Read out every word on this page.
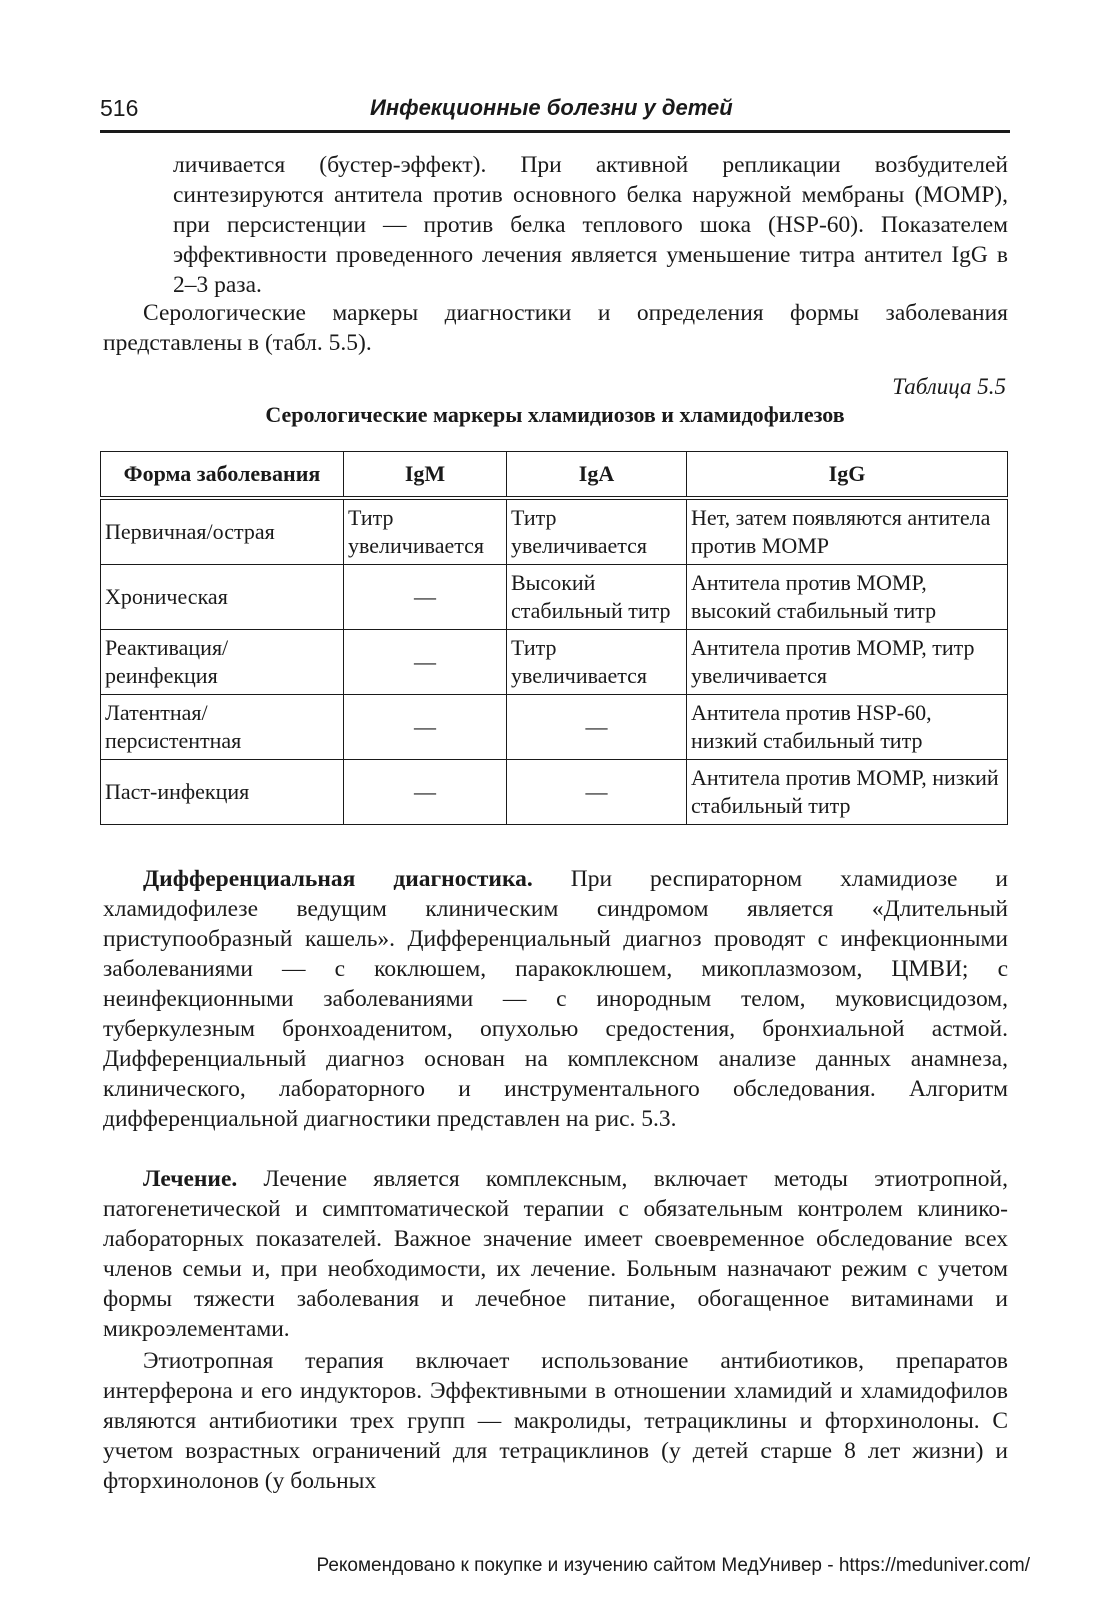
516	Инфекционные болезни у детей

личивается (бустер-эффект). При активной репликации возбудителей синтезируются антитела против основного белка наружной мембраны (MOMP), при персистенции — против белка теплового шока (HSP-60). Показателем эффективности проведенного лечения является уменьшение титра антител IgG в 2–3 раза.

Серологические маркеры диагностики и определения формы заболевания представлены в (табл. 5.5).

Таблица 5.5
Серологические маркеры хламидиозов и хламидофилезов
Форма заболевания	IgM	IgA	IgG
Первичная/острая	Титр увеличивается	Титр увеличивается	Нет, затем появляются антитела против MOMP
Хроническая	—	Высокий стабильный титр	Антитела против MOMP, высокий стабильный титр
Реактивация/ реинфекция	—	Титр увеличивается	Антитела против MOMP, титр увеличивается
Латентная/ персистентная	—	—	Антитела против HSP-60, низкий стабильный титр
Паст-инфекция	—	—	Антитела против MOMP, низкий стабильный титр

Дифференциальная диагностика. При респираторном хламидиозе и хламидофилезе ведущим клиническим синдромом является «Длительный приступообразный кашель». Дифференциальный диагноз проводят с инфекционными заболеваниями — с коклюшем, паракоклюшем, микоплазмозом, ЦМВИ; с неинфекционными заболеваниями — с инородным телом, муковисцидозом, туберкулезным бронхоаденитом, опухолью средостения, бронхиальной астмой. Дифференциальный диагноз основан на комплексном анализе данных анамнеза, клинического, лабораторного и инструментального обследования. Алгоритм дифференциальной диагностики представлен на рис. 5.3.

Лечение. Лечение является комплексным, включает методы этиотропной, патогенетической и симптоматической терапии с обязательным контролем клинико-лабораторных показателей. Важное значение имеет своевременное обследование всех членов семьи и, при необходимости, их лечение. Больным назначают режим с учетом формы тяжести заболевания и лечебное питание, обогащенное витаминами и микроэлементами.

Этиотропная терапия включает использование антибиотиков, препаратов интерферона и его индукторов. Эффективными в отношении хламидий и хламидофилов являются антибиотики трех групп — макролиды, тетрациклины и фторхинолоны. С учетом возрастных ограничений для тетрациклинов (у детей старше 8 лет жизни) и фторхинолонов (у больных

Рекомендовано к покупке и изучению сайтом МедУнивер - https://meduniver.com/
